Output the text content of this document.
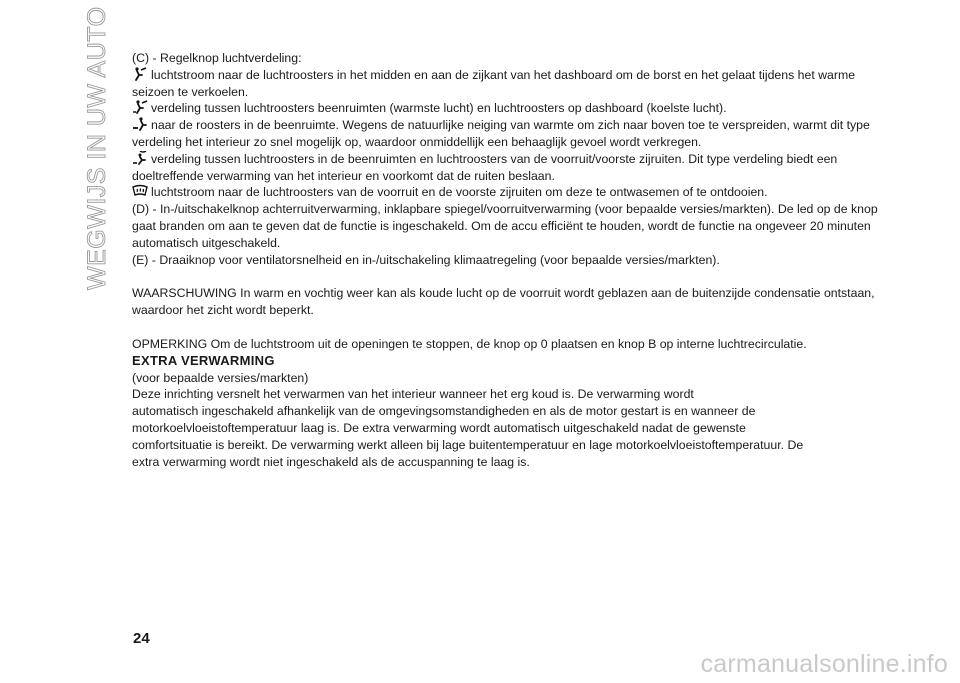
WEGWIJS IN UW AUTO (C) - Regelknop luchtverdeling:

luchtstroom naar de luchtroosters in het midden en aan de zijkant van het dashboard om de borst en het gelaat tijdens het warme seizoen te verkoelen.

verdeling tussen luchtroosters beenruimten (warmste lucht) en luchtroosters op dashboard (koelste lucht).

naar de roosters in de beenruimte. Wegens de natuurlijke neiging van warmte om zich naar boven toe te verspreiden, warmt dit type verdeling het interieur zo snel mogelijk op, waardoor onmiddellijk een behaaglijk gevoel wordt verkregen.

verdeling tussen luchtroosters in de beenruimten en luchtroosters van de voorruit/voorste zijruiten. Dit type verdeling biedt een doeltreffende verwarming van het interieur en voorkomt dat de ruiten beslaan.

luchtstroom naar de luchtroosters van de voorruit en de voorste zijruiten om deze te ontwasemen of te ontdooien.

(D) - In-/uitschakelknop achterruitverwarming, inklapbare spiegel/voorruitverwarming (voor bepaalde versies/markten). De led op de knop gaat branden om aan te geven dat de functie is ingeschakeld. Om de accu efficiënt te houden, wordt de functie na ongeveer 20 minuten automatisch uitgeschakeld.

(E) - Draaiknop voor ventilatorsnelheid en in-/uitschakeling klimaatregeling (voor bepaalde versies/markten).

WAARSCHUWING In warm en vochtig weer kan als koude lucht op de voorruit wordt geblazen aan de buitenzijde condensatie ontstaan, waardoor het zicht wordt beperkt.

OPMERKING Om de luchtstroom uit de openingen te stoppen, de knop op 0 plaatsen en knop B op interne luchtrecirculatie.

EXTRA VERWARMING

(voor bepaalde versies/markten)

Deze inrichting versnelt het verwarmen van het interieur wanneer het erg koud is. De verwarming wordt

automatisch ingeschakeld afhankelijk van de omgevingsomstandigheden en als de motor gestart is en wanneer de

motorkoelvloeistoftemperatuur laag is. De extra verwarming wordt automatisch uitgeschakeld nadat de gewenste

comfortsituatie is bereikt. De verwarming werkt alleen bij lage buitentemperatuur en lage motorkoelvloeistoftemperatuur. De

extra verwarming wordt niet ingeschakeld als de accuspanning te laag is.

24
carmanualsonline.info
